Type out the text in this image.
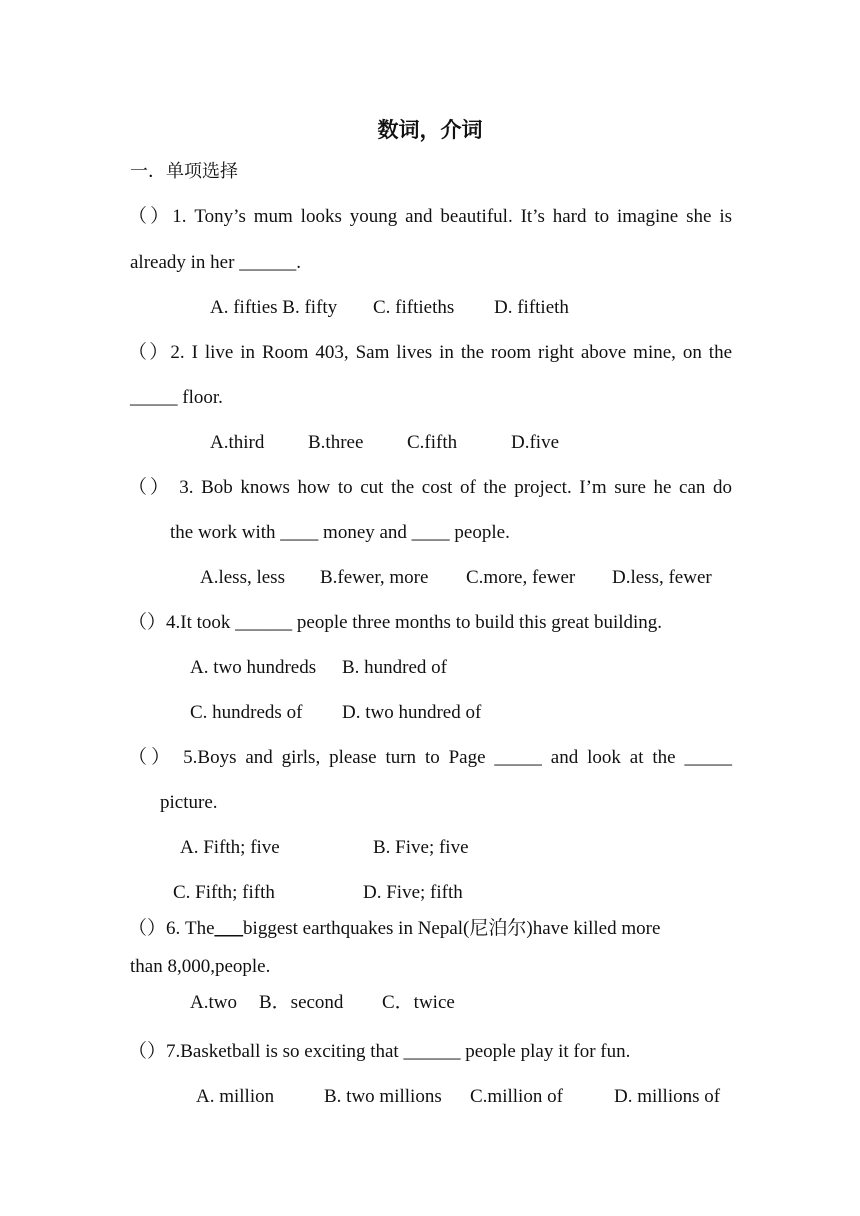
数词，介词
一．单项选择
（）1. Tony’s mum looks young and beautiful. It’s hard to imagine she is
already in her ______.
A. fifties B. fifty C. fiftieths D. fiftieth
（）2. I live in Room 403, Sam lives in the room right above mine, on the
_____ floor.
A.third B.three C.fifth	D.five
（） 3. Bob knows how to cut the cost of the project. I’m sure he can do
the work with ____ money and ____ people.
A.less, less B.fewer, more C.more, fewer D.less, fewer
（）4.It took ______ people three months to build this great building.
A. two hundreds B. hundred of
C. hundreds of D. two hundred of
（） 5.Boys and girls, please turn to Page _____ and look at the _____
picture.
A. Fifth; five	B. Five; five
C. Fifth; fifth	D. Five; fifth
（）6. The___biggest earthquakes in Nepal(尼泊尔)have killed more
than 8,000,people.
A.two B．second C．twice
（）7.Basketball is so exciting that ______ people play it for fun.
A. million	B. two millions C.million of	D. millions of
